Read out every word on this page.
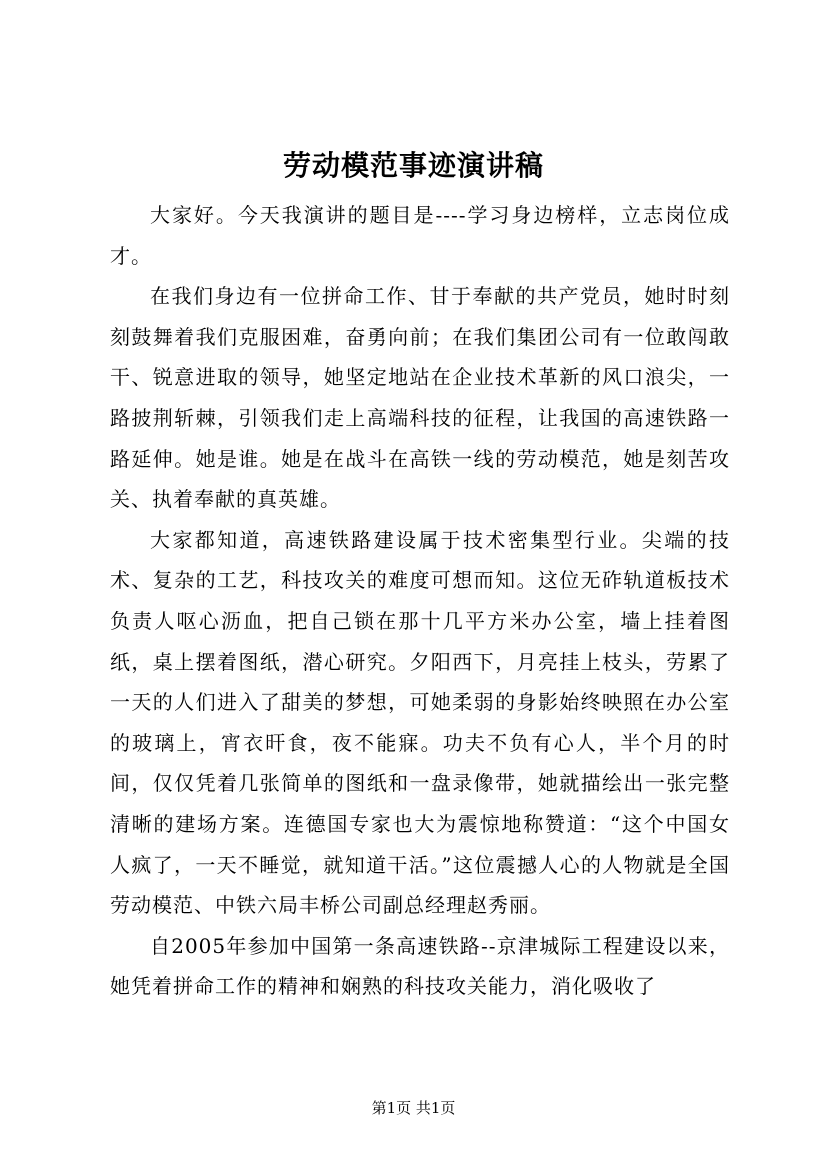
劳动模范事迹演讲稿

大家好。今天我演讲的题目是----学习身边榜样，立志岗位成才。

在我们身边有一位拼命工作、甘于奉献的共产党员，她时时刻刻鼓舞着我们克服困难，奋勇向前；在我们集团公司有一位敢闯敢干、锐意进取的领导，她坚定地站在企业技术革新的风口浪尖，一路披荆斩棘，引领我们走上高端科技的征程，让我国的高速铁路一路延伸。她是谁。她是在战斗在高铁一线的劳动模范，她是刻苦攻关、执着奉献的真英雄。

大家都知道，高速铁路建设属于技术密集型行业。尖端的技术、复杂的工艺，科技攻关的难度可想而知。这位无砟轨道板技术负责人呕心沥血，把自己锁在那十几平方米办公室，墙上挂着图纸，桌上摆着图纸，潜心研究。夕阳西下，月亮挂上枝头，劳累了一天的人们进入了甜美的梦想，可她柔弱的身影始终映照在办公室的玻璃上，宵衣旰食，夜不能寐。功夫不负有心人，半个月的时间，仅仅凭着几张简单的图纸和一盘录像带，她就描绘出一张完整清晰的建场方案。连德国专家也大为震惊地称赞道：“这个中国女人疯了，一天不睡觉，就知道干活。”这位震撼人心的人物就是全国劳动模范、中铁六局丰桥公司副总经理赵秀丽。

自2005年参加中国第一条高速铁路--京津城际工程建设以来，她凭着拼命工作的精神和娴熟的科技攻关能力，消化吸收了

第1页 共1页
